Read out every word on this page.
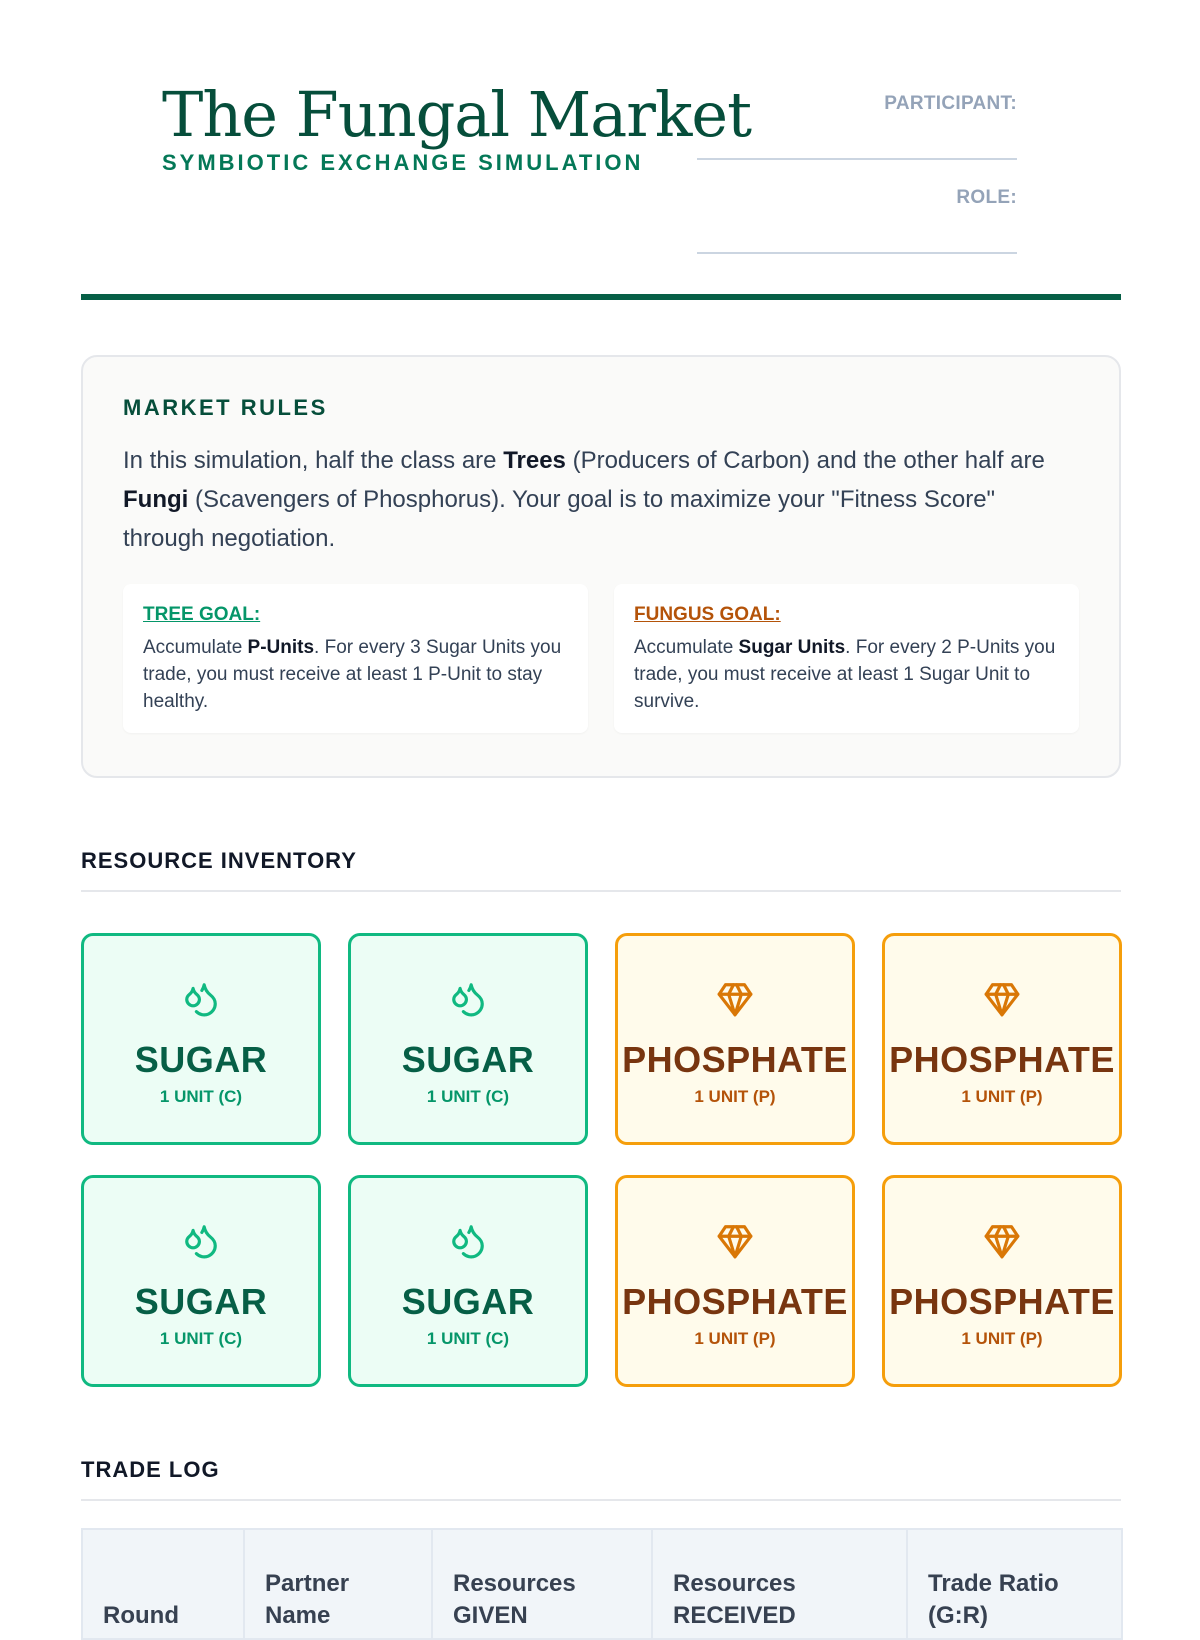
The Fungal Market
SYMBIOTIC EXCHANGE SIMULATION
PARTICIPANT:
ROLE:
MARKET RULES
In this simulation, half the class are Trees (Producers of Carbon) and the other half are Fungi (Scavengers of Phosphorus). Your goal is to maximize your "Fitness Score" through negotiation.
TREE GOAL:
Accumulate P-Units. For every 3 Sugar Units you trade, you must receive at least 1 P-Unit to stay healthy.
FUNGUS GOAL:
Accumulate Sugar Units. For every 2 P-Units you trade, you must receive at least 1 Sugar Unit to survive.
RESOURCE INVENTORY
SUGAR
1 UNIT (C)
SUGAR
1 UNIT (C)
PHOSPHATE
1 UNIT (P)
PHOSPHATE
1 UNIT (P)
SUGAR
1 UNIT (C)
SUGAR
1 UNIT (C)
PHOSPHATE
1 UNIT (P)
PHOSPHATE
1 UNIT (P)
TRADE LOG
Round	Partner Name	Resources GIVEN	Resources RECEIVED	Trade Ratio (G:R)
